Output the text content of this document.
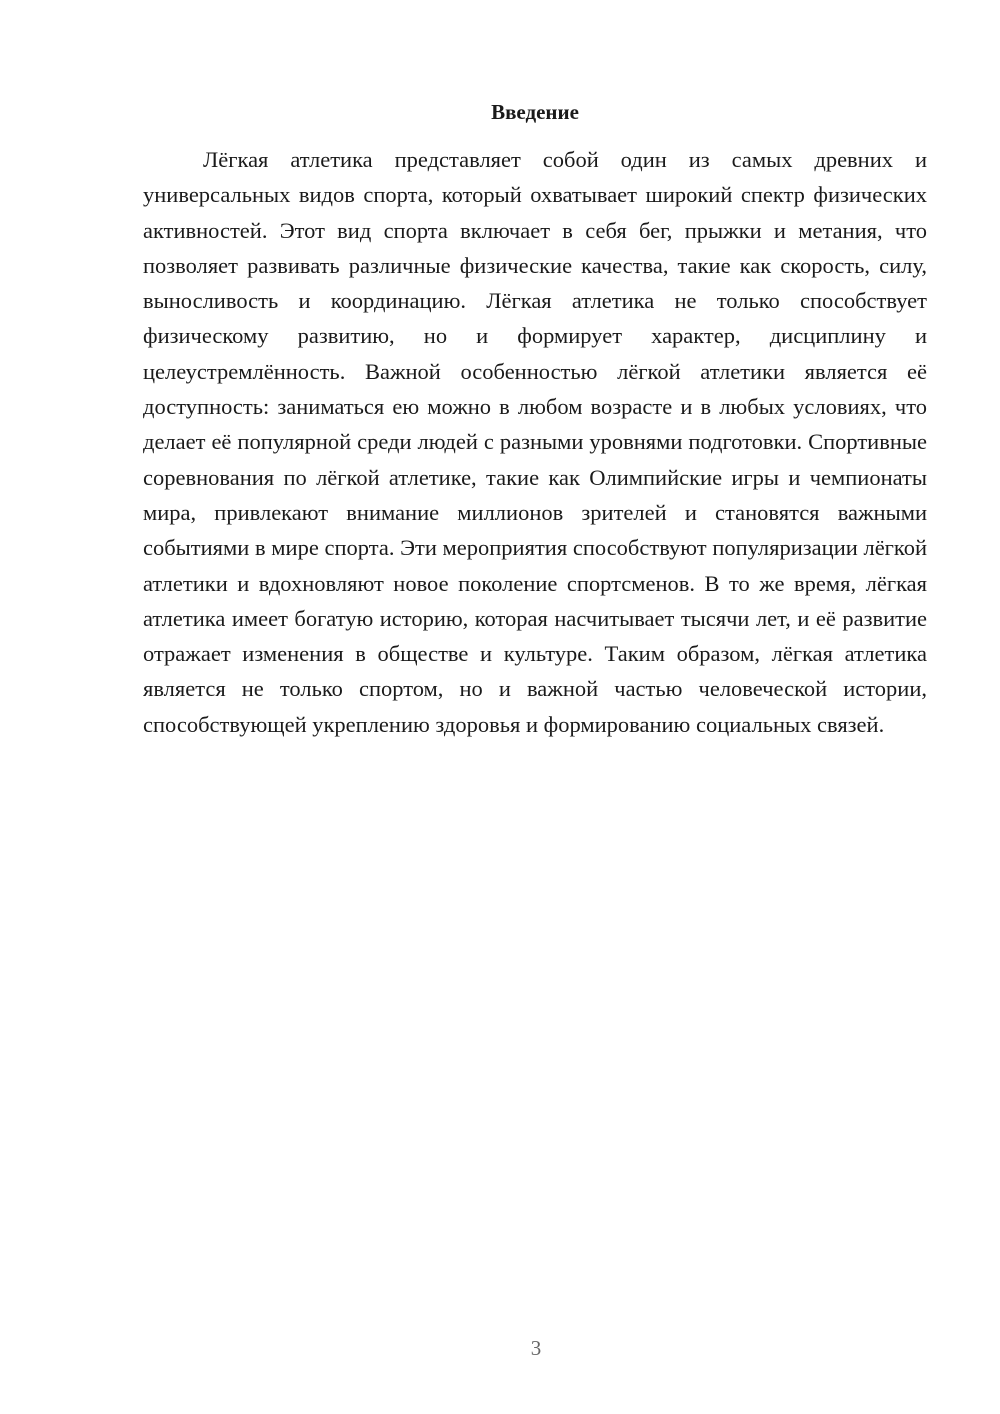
Введение

Лёгкая атлетика представляет собой один из самых древних и универсальных видов спорта, который охватывает широкий спектр физических активностей. Этот вид спорта включает в себя бег, прыжки и метания, что позволяет развивать различные физические качества, такие как скорость, силу, выносливость и координацию. Лёгкая атлетика не только способствует физическому развитию, но и формирует характер, дисциплину и целеустремлённость. Важной особенностью лёгкой атлетики является её доступность: заниматься ею можно в любом возрасте и в любых условиях, что делает её популярной среди людей с разными уровнями подготовки. Спортивные соревнования по лёгкой атлетике, такие как Олимпийские игры и чемпионаты мира, привлекают внимание миллионов зрителей и становятся важными событиями в мире спорта. Эти мероприятия способствуют популяризации лёгкой атлетики и вдохновляют новое поколение спортсменов. В то же время, лёгкая атлетика имеет богатую историю, которая насчитывает тысячи лет, и её развитие отражает изменения в обществе и культуре. Таким образом, лёгкая атлетика является не только спортом, но и важной частью человеческой истории, способствующей укреплению здоровья и формированию социальных связей.

3
